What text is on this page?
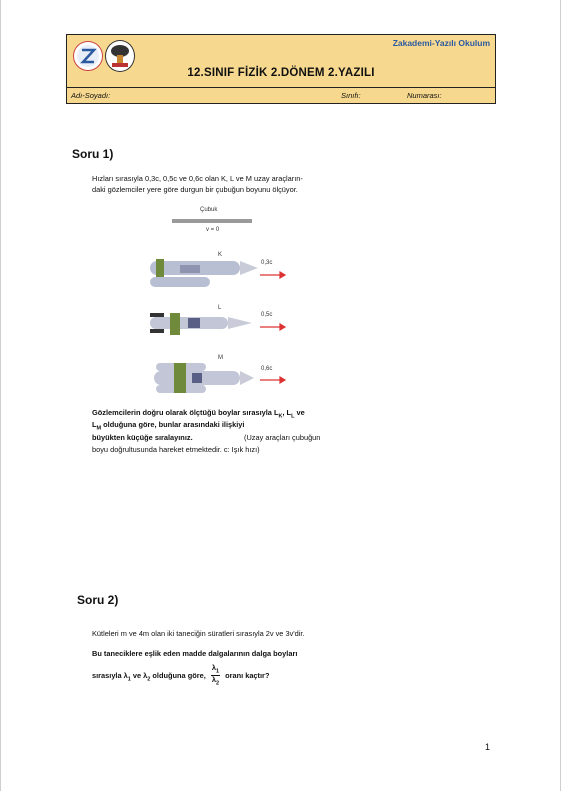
Zakademi-Yazılı Okulum
12.SINIF FİZİK 2.DÖNEM 2.YAZILI
Adı-Soyadı:	Sınıfı:	Numarası:
Soru 1)
Hızları sırasıyla 0,3c, 0,5c ve 0,6c olan K, L ve M uzay araçların-
daki gözlemciler yere göre durgun bir çubuğun boyunu ölçüyor.
Çubuk
v = 0
K
0,3c
L
0,5c
M
0,6c
Gözlemcilerin doğru olarak ölçtüğü boylar sırasıyla $L_K$, $L_L$ ve
$L_M$ olduğuna göre, bunlar arasındaki ilişkiyi
büyükten küçüğe sıralayınız.	(Uzay araçları çubuğun
boyu doğrultusunda hareket etmektedir. c: Işık hızı)
Soru 2)
Kütleleri m ve 4m olan iki taneciğin süratleri sırasıyla 2v ve 3v'dir.
Bu taneciklere eşlik eden madde dalgalarının dalga boyları
sırasıyla $\lambda_1$ ve $\lambda_2$ olduğuna göre, $\frac{\lambda_1}{\lambda_2}$ oranı kaçtır?
1
